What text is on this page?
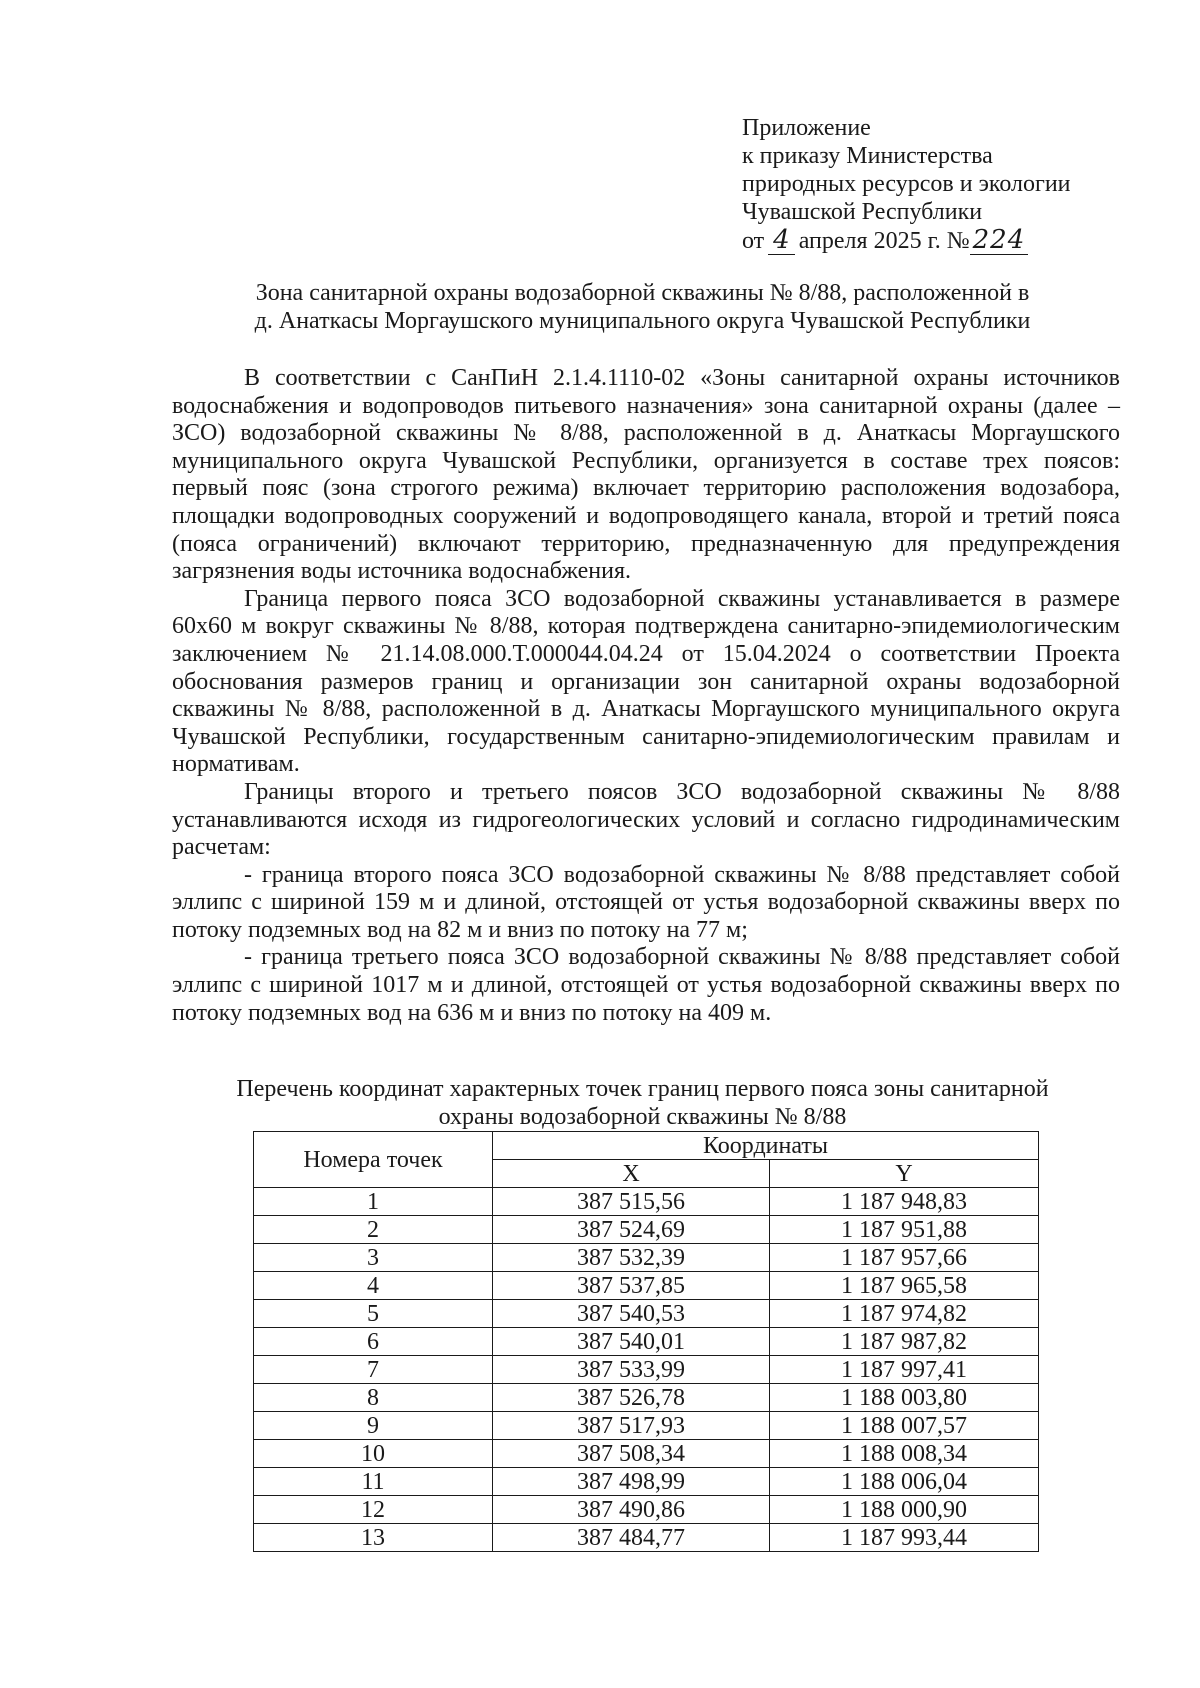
Приложение
к приказу Министерства
природных ресурсов и экологии
Чувашской Республики
от 4 апреля 2025 г. № 224
Зона санитарной охраны водозаборной скважины № 8/88, расположенной в
д. Анаткасы Моргаушского муниципального округа Чувашской Республики

В соответствии с СанПиН 2.1.4.1110-02 «Зоны санитарной охраны источников водоснабжения и водопроводов питьевого назначения» зона санитарной охраны (далее – ЗСО) водозаборной скважины № 8/88, расположенной в д. Анаткасы Моргаушского муниципального округа Чувашской Республики, организуется в составе трех поясов: первый пояс (зона строгого режима) включает территорию расположения водозабора, площадки водопроводных сооружений и водопроводящего канала, второй и третий пояса (пояса ограничений) включают территорию, предназначенную для предупреждения загрязнения воды источника водоснабжения.

Граница первого пояса ЗСО водозаборной скважины устанавливается в размере 60х60 м вокруг скважины № 8/88, которая подтверждена санитарно-эпидемиологическим заключением № 21.14.08.000.Т.000044.04.24 от 15.04.2024 о соответствии Проекта обоснования размеров границ и организации зон санитарной охраны водозаборной скважины № 8/88, расположенной в д. Анаткасы Моргаушского муниципального округа Чувашской Республики, государственным санитарно-эпидемиологическим правилам и нормативам.

Границы второго и третьего поясов ЗСО водозаборной скважины № 8/88 устанавливаются исходя из гидрогеологических условий и согласно гидродинамическим расчетам:

- граница второго пояса ЗСО водозаборной скважины № 8/88 представляет собой эллипс с шириной 159 м и длиной, отстоящей от устья водозаборной скважины вверх по потоку подземных вод на 82 м и вниз по потоку на 77 м;

- граница третьего пояса ЗСО водозаборной скважины № 8/88 представляет собой эллипс с шириной 1017 м и длиной, отстоящей от устья водозаборной скважины вверх по потоку подземных вод на 636 м и вниз по потоку на 409 м.

Перечень координат характерных точек границ первого пояса зоны санитарной
охраны водозаборной скважины № 8/88
Номера точек	Координаты	
	X	Y
1	387 515,56	1 187 948,83
2	387 524,69	1 187 951,88
3	387 532,39	1 187 957,66
4	387 537,85	1 187 965,58
5	387 540,53	1 187 974,82
6	387 540,01	1 187 987,82
7	387 533,99	1 187 997,41
8	387 526,78	1 188 003,80
9	387 517,93	1 188 007,57
10	387 508,34	1 188 008,34
11	387 498,99	1 188 006,04
12	387 490,86	1 188 000,90
13	387 484,77	1 187 993,44
